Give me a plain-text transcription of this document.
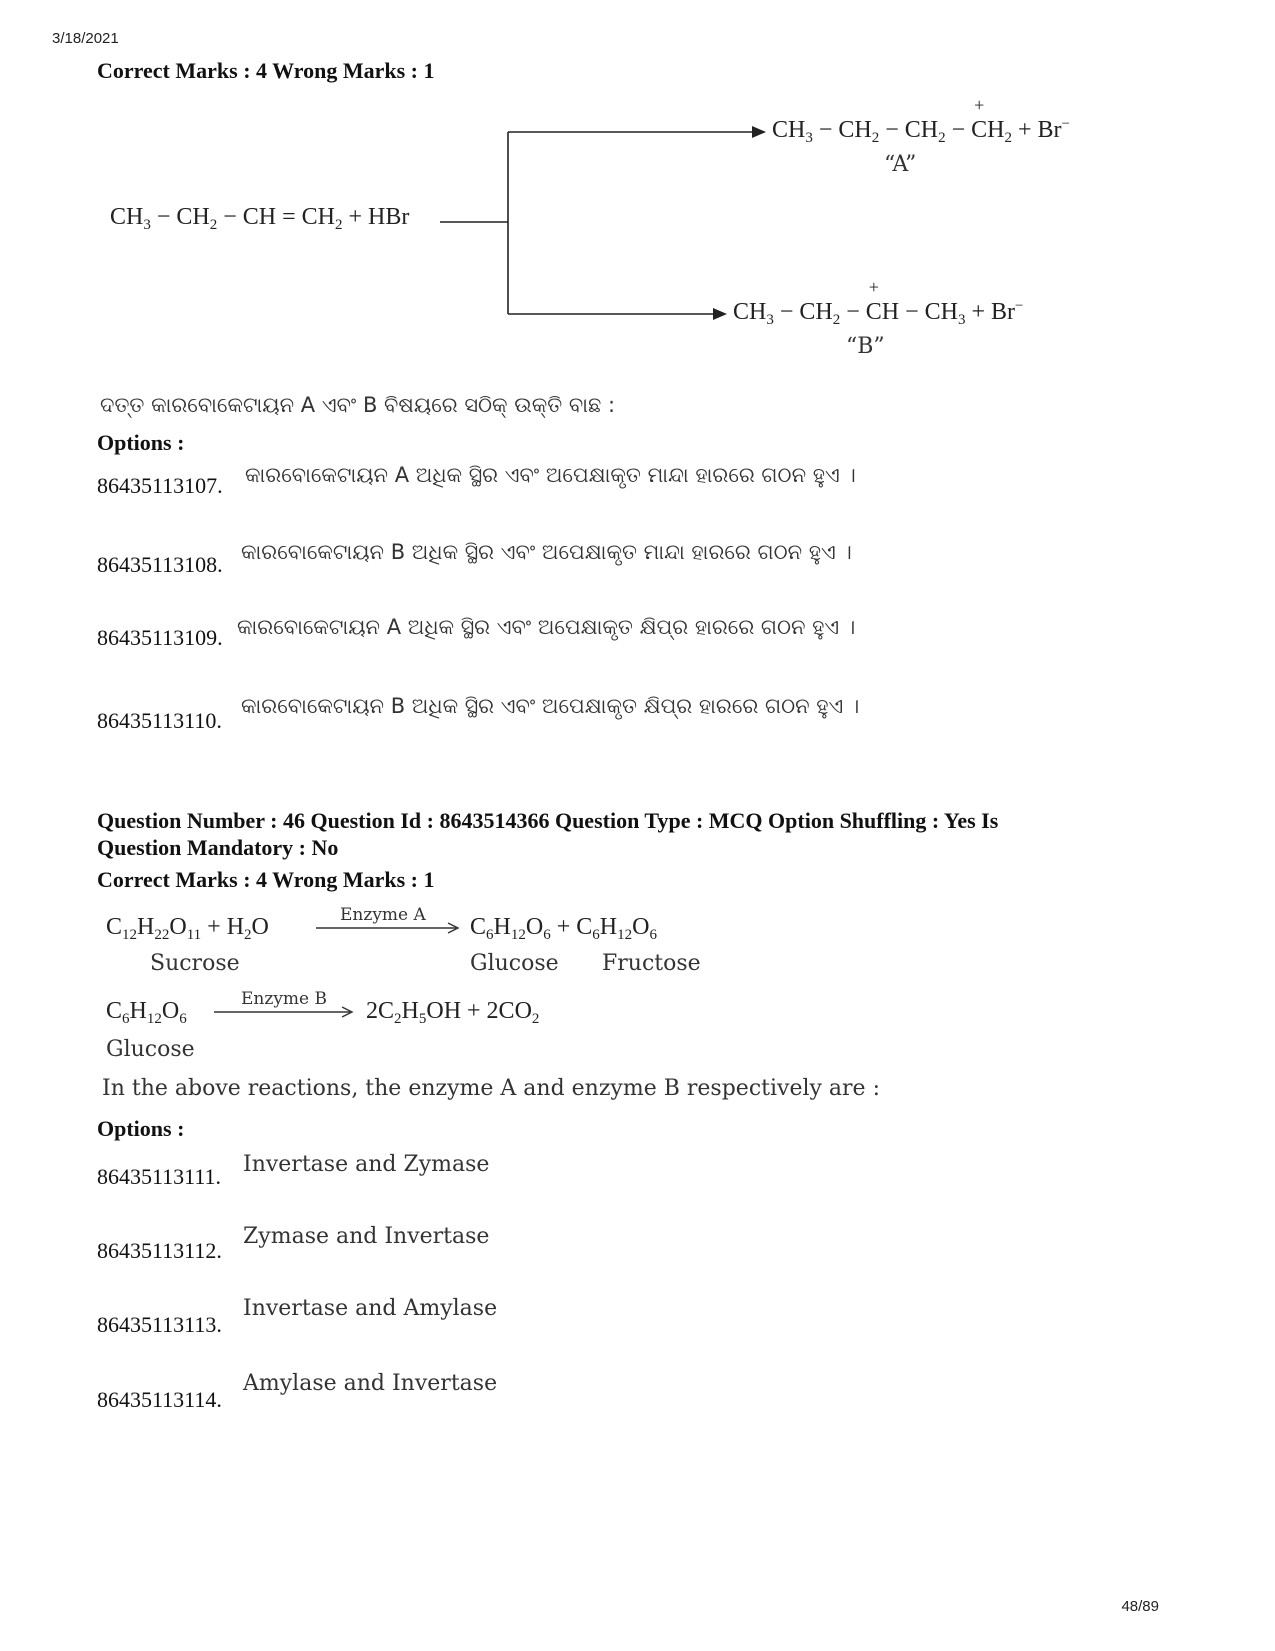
3/18/2021
Correct Marks : 4 Wrong Marks : 1
$CH_3 - CH_2$ − CH = $CH_2$ + HBr
$CH_3 - CH_2 - CH_2$ − + $CH_2 + Br^-$
“A”
$CH_3 - CH_2$ − + CH − $CH_3 + Br^-$
“B”
ଦତ୍ତ କାରବୋକେଟାୟନ A ଏବଂ B ବିଷୟରେ ସଠିକ୍ ଉକ୍ତି ବାଛ :
Options :
86435113107. କାରବୋକେଟାୟନ A ଅଧିକ ସ୍ଥିର ଏବଂ ଅପେକ୍ଷାକୃତ ମାନ୍ଦା ହାରରେ ଗଠନ ହୁଏ ।
86435113108. କାରବୋକେଟାୟନ B ଅଧିକ ସ୍ଥିର ଏବଂ ଅପେକ୍ଷାକୃତ ମାନ୍ଦା ହାରରେ ଗଠନ ହୁଏ ।
86435113109. କାରବୋକେଟାୟନ A ଅଧିକ ସ୍ଥିର ଏବଂ ଅପେକ୍ଷାକୃତ କ୍ଷିପ୍ର ହାରରେ ଗଠନ ହୁଏ ।
86435113110.
କାରବୋକେଟାୟନ B ଅଧିକ ସ୍ଥିର ଏବଂ ଅପେକ୍ଷାକୃତ କ୍ଷିପ୍ର ହାରରେ ଗଠନ ହୁଏ ।
Question Number : 46 Question Id : 8643514366 Question Type : MCQ Option Shuffling : Yes Is
Question Mandatory : No
Correct Marks : 4 Wrong Marks : 1
$C_{12}H_{22}O_{11} + H_2O$	Enzyme A $C_6H_{12}O_6 + C_6H_{12}O_6$
Sucrose	Glucose Fructose
$C_6H_{12}O_6$
Enzyme B $2C_2H_5OH + 2CO_2$
Glucose
In the above reactions, the enzyme A and enzyme B respectively are :
Options :
86435113111. Invertase and Zymase
86435113112.
Zymase and Invertase
86435113113.
Invertase and Amylase
86435113114.
Amylase and Invertase
48/89
